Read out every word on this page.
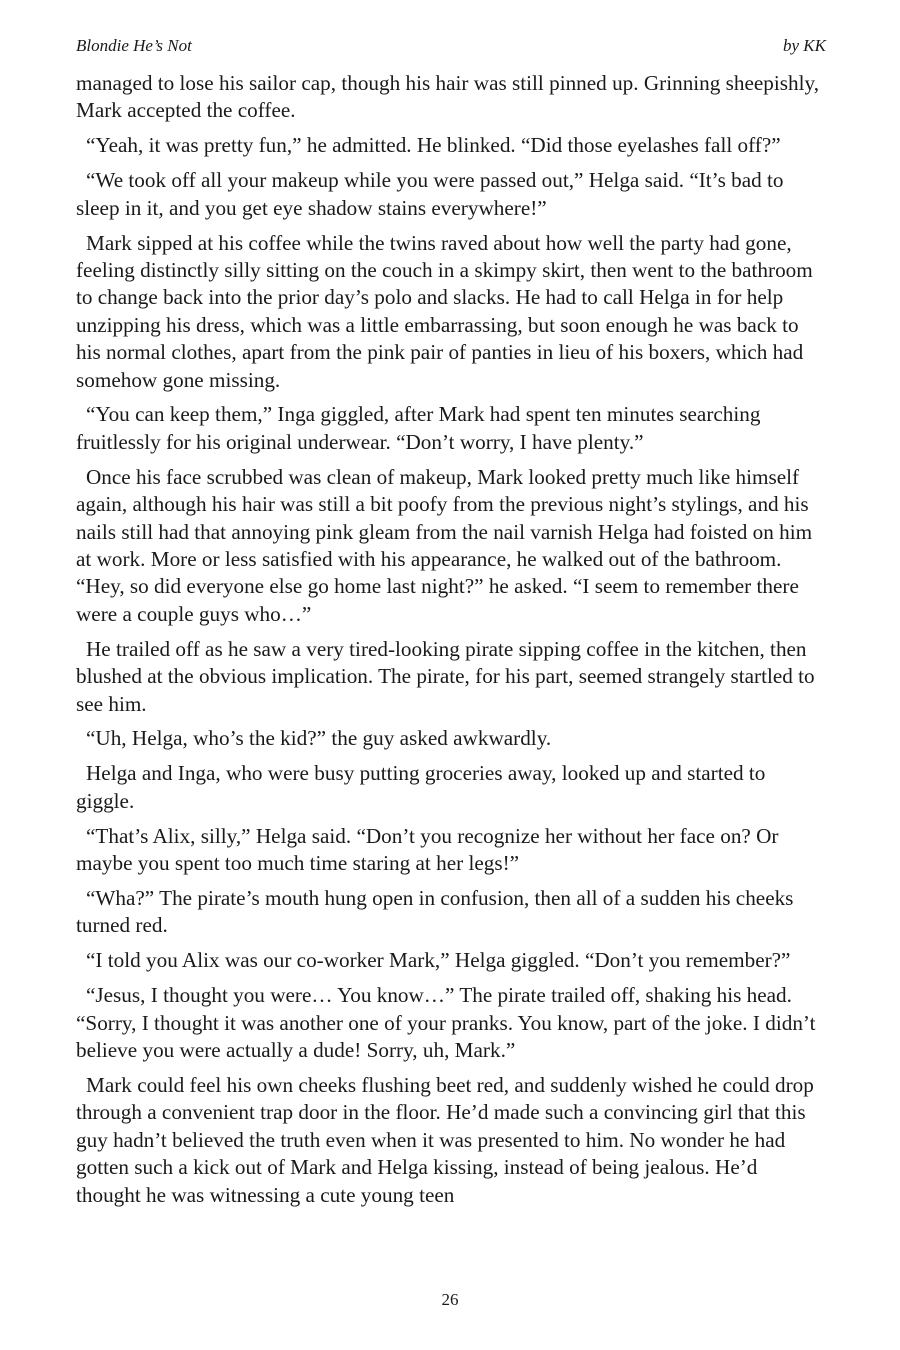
Blondie He’s Not	by KK

managed to lose his sailor cap, though his hair was still pinned up. Grinning sheepishly, Mark accepted the coffee.

“Yeah, it was pretty fun,” he admitted. He blinked. “Did those eyelashes fall off?”

“We took off all your makeup while you were passed out,” Helga said. “It’s bad to sleep in it, and you get eye shadow stains everywhere!”

Mark sipped at his coffee while the twins raved about how well the party had gone, feeling distinctly silly sitting on the couch in a skimpy skirt, then went to the bathroom to change back into the prior day’s polo and slacks. He had to call Helga in for help unzipping his dress, which was a little embarrassing, but soon enough he was back to his normal clothes, apart from the pink pair of panties in lieu of his boxers, which had somehow gone missing.

“You can keep them,” Inga giggled, after Mark had spent ten minutes searching fruitlessly for his original underwear. “Don’t worry, I have plenty.”

Once his face scrubbed was clean of makeup, Mark looked pretty much like himself again, although his hair was still a bit poofy from the previous night’s stylings, and his nails still had that annoying pink gleam from the nail varnish Helga had foisted on him at work. More or less satisfied with his appearance, he walked out of the bathroom. “Hey, so did everyone else go home last night?” he asked. “I seem to remember there were a couple guys who…”

He trailed off as he saw a very tired-looking pirate sipping coffee in the kitchen, then blushed at the obvious implication. The pirate, for his part, seemed strangely startled to see him.

“Uh, Helga, who’s the kid?” the guy asked awkwardly.

Helga and Inga, who were busy putting groceries away, looked up and started to giggle.

“That’s Alix, silly,” Helga said. “Don’t you recognize her without her face on? Or maybe you spent too much time staring at her legs!”

“Wha?” The pirate’s mouth hung open in confusion, then all of a sudden his cheeks turned red.

“I told you Alix was our co-worker Mark,” Helga giggled. “Don’t you remember?”

“Jesus, I thought you were… You know…” The pirate trailed off, shaking his head. “Sorry, I thought it was another one of your pranks. You know, part of the joke. I didn’t believe you were actually a dude! Sorry, uh, Mark.”

Mark could feel his own cheeks flushing beet red, and suddenly wished he could drop through a convenient trap door in the floor. He’d made such a convincing girl that this guy hadn’t believed the truth even when it was presented to him. No wonder he had gotten such a kick out of Mark and Helga kissing, instead of being jealous. He’d thought he was witnessing a cute young teen

26
